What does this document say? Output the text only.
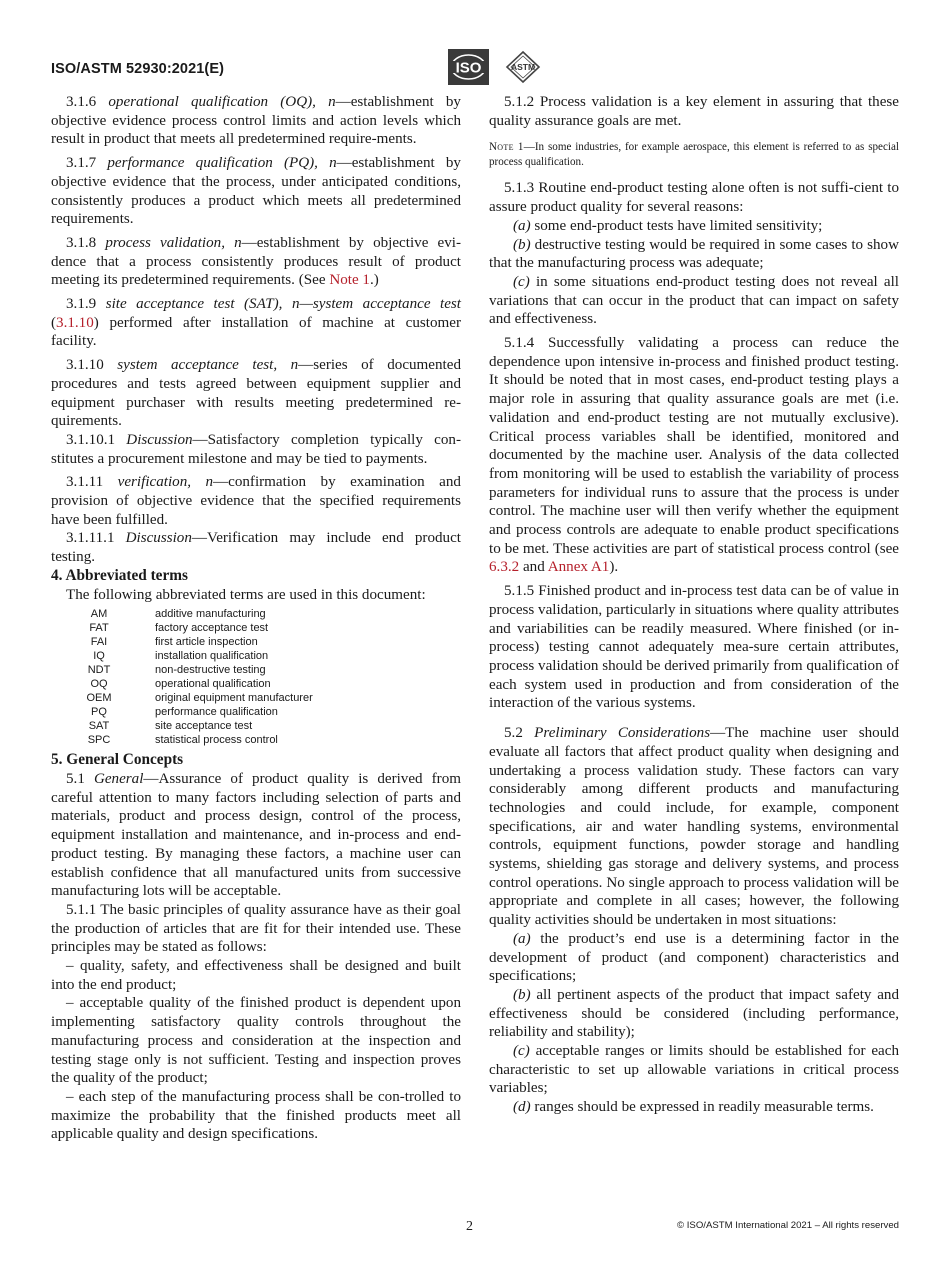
ISO/ASTM 52930:2021(E)	ISO	ASTM

3.1.6 operational qualification (OQ), n—establishment by objective evidence process control limits and action levels which result in product that meets all predetermined require-ments.

3.1.7 performance qualification (PQ), n—establishment by objective evidence that the process, under anticipated conditions, consistently produces a product which meets all predetermined requirements.

3.1.8 process validation, n—establishment by objective evi-dence that a process consistently produces result of product meeting its predetermined requirements. (See Note 1.)

3.1.9 site acceptance test (SAT), n—system acceptance test (3.1.10) performed after installation of machine at customer facility.

3.1.10 system acceptance test, n—series of documented procedures and tests agreed between equipment supplier and equipment purchaser with results meeting predetermined re-quirements.

3.1.10.1 Discussion—Satisfactory completion typically con-stitutes a procurement milestone and may be tied to payments.

3.1.11 verification, n—confirmation by examination and provision of objective evidence that the specified requirements have been fulfilled.

3.1.11.1 Discussion—Verification may include end product testing.

4. Abbreviated terms

The following abbreviated terms are used in this document:

AM	additive manufacturing
FAT	factory acceptance test
FAI	first article inspection
IQ	installation qualification
NDT	non-destructive testing
OQ	operational qualification
OEM	original equipment manufacturer
PQ	performance qualification
SAT	site acceptance test
SPC	statistical process control

5. General Concepts

5.1 General—Assurance of product quality is derived from careful attention to many factors including selection of parts and materials, product and process design, control of the process, equipment installation and maintenance, and in-process and end-product testing. By managing these factors, a machine user can establish confidence that all manufactured units from successive manufacturing lots will be acceptable.

5.1.1 The basic principles of quality assurance have as their goal the production of articles that are fit for their intended use. These principles may be stated as follows:

– quality, safety, and effectiveness shall be designed and built into the end product;

– acceptable quality of the finished product is dependent upon implementing satisfactory quality controls throughout the manufacturing process and consideration at the inspection and testing stage only is not sufficient. Testing and inspection proves the quality of the product;

– each step of the manufacturing process shall be con-trolled to maximize the probability that the finished products meet all applicable quality and design specifications.

5.1.2 Process validation is a key element in assuring that these quality assurance goals are met.

Note 1—In some industries, for example aerospace, this element is referred to as special process qualification.

5.1.3 Routine end-product testing alone often is not suffi-cient to assure product quality for several reasons:

(a) some end-product tests have limited sensitivity;

(b) destructive testing would be required in some cases to show that the manufacturing process was adequate;

(c) in some situations end-product testing does not reveal all variations that can occur in the product that can impact on safety and effectiveness.

5.1.4 Successfully validating a process can reduce the dependence upon intensive in-process and finished product testing. It should be noted that in most cases, end-product testing plays a major role in assuring that quality assurance goals are met (i.e. validation and end-product testing are not mutually exclusive). Critical process variables shall be identified, monitored and documented by the machine user. Analysis of the data collected from monitoring will be used to establish the variability of process parameters for individual runs to assure that the process is under control. The machine user will then verify whether the equipment and process controls are adequate to enable product specifications to be met. These activities are part of statistical process control (see 6.3.2 and Annex A1).

5.1.5 Finished product and in-process test data can be of value in process validation, particularly in situations where quality attributes and variabilities can be readily measured. Where finished (or in-process) testing cannot adequately mea-sure certain attributes, process validation should be derived primarily from qualification of each system used in production and from consideration of the interaction of the various systems.

5.2 Preliminary Considerations—The machine user should evaluate all factors that affect product quality when designing and undertaking a process validation study. These factors can vary considerably among different products and manufacturing technologies and could include, for example, component specifications, air and water handling systems, environmental controls, equipment functions, powder storage and handling systems, shielding gas storage and delivery systems, and process control operations. No single approach to process validation will be appropriate and complete in all cases; however, the following quality activities should be undertaken in most situations:

(a) the product’s end use is a determining factor in the development of product (and component) characteristics and specifications;

(b) all pertinent aspects of the product that impact safety and effectiveness should be considered (including performance, reliability and stability);

(c) acceptable ranges or limits should be established for each characteristic to set up allowable variations in critical process variables;

(d) ranges should be expressed in readily measurable terms.

2	© ISO/ASTM International 2021 – All rights reserved
